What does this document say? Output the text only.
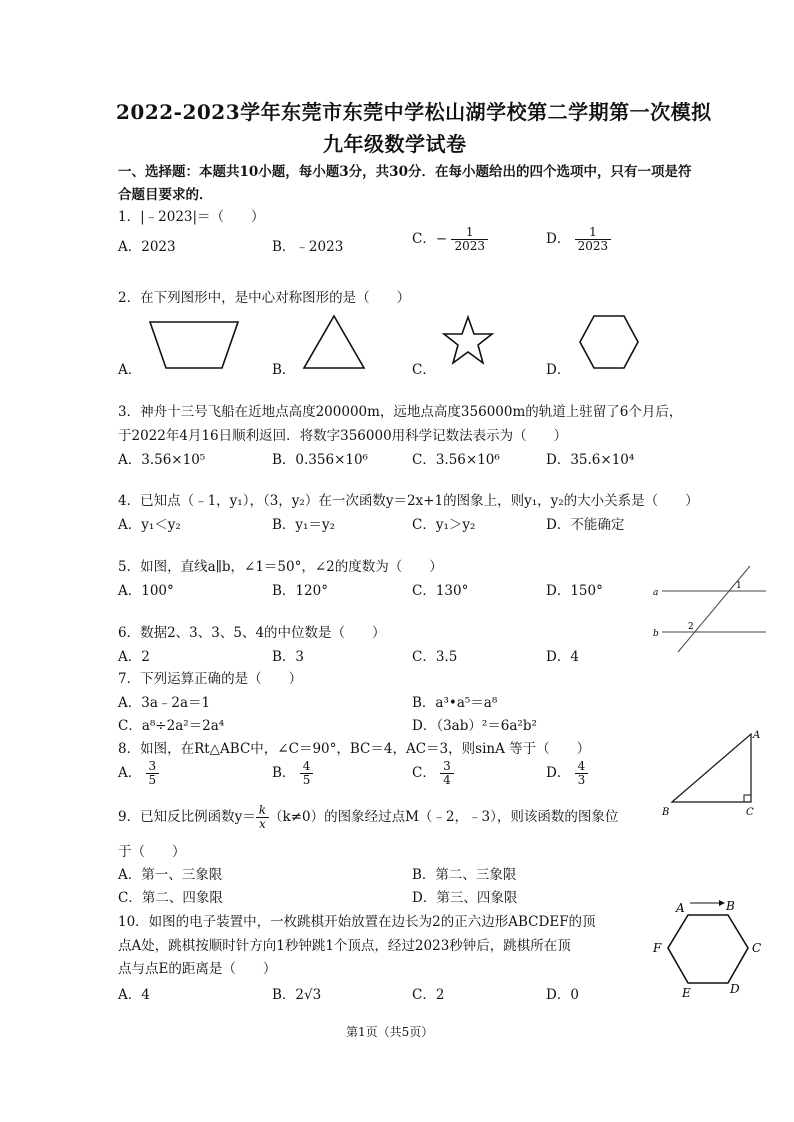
2022-2023学年东莞市东莞中学松山湖学校第二学期第一次模拟
九年级数学试卷
一、选择题：本题共10小题，每小题3分，共30分．在每小题给出的四个选项中，只有一项是符
合题目要求的．
1．|﹣2023|＝（　　）
A．2023	B．﹣2023	C．− $\frac{1}{2023}$	D． $\frac{1}{2023}$
2．在下列图形中，是中心对称图形的是（　　）
A．	B．	C．	D．
3．神舟十三号飞船在近地点高度200000m，远地点高度356000m的轨道上驻留了6个月后，
于2022年4月16日顺利返回．将数字356000用科学记数法表示为（　　）
A．3.56×10⁵	B．0.356×10⁶	C．3.56×10⁶	D．35.6×10⁴
4．已知点（﹣1，y₁），（3，y₂）在一次函数y＝2x+1的图象上，则y₁，y₂的大小关系是（　　）
A．y₁＜y₂	B．y₁＝y₂	C．y₁＞y₂	D．不能确定
5．如图，直线a∥b，∠1＝50°，∠2的度数为（　　）
A．100°	B．120°	C．130°	D．150°	a
b
1
2
6．数据2、3、3、5、4的中位数是（　　）
A．2	B．3	C．3.5	D．4
7．下列运算正确的是（　　）
A．3a﹣2a＝1	B．a³•a⁵＝a⁸
C．a⁸÷2a²＝2a⁴	D．（3ab）²＝6a²b²
8．如图，在Rt△ABC中，∠C＝90°，BC＝4，AC＝3，则sinA 等于（　　）
A． $\frac{3}{5}$	B． $\frac{4}{5}$	C． $\frac{3}{4}$	D． $\frac{4}{3}$
A
B	C
9．已知反比例函数$y= \frac{k}{x} (k\ne 0)$的图象经过点M（﹣2，﹣3），则该函数的图象位
于（　　）
A．第一、三象限	B．第二、三象限
C．第二、四象限	D．第三、四象限
10．如图的电子装置中，一枚跳棋开始放置在边长为2的正六边形ABCDEF的顶
点A处，跳棋按顺时针方向1秒钟跳1个顶点，经过2023秒钟后，跳棋所在顶
点与点E的距离是（　　）
A．4	B．2√3	C．2	D．0
A	B
C
D
E
F
第1页（共5页）
